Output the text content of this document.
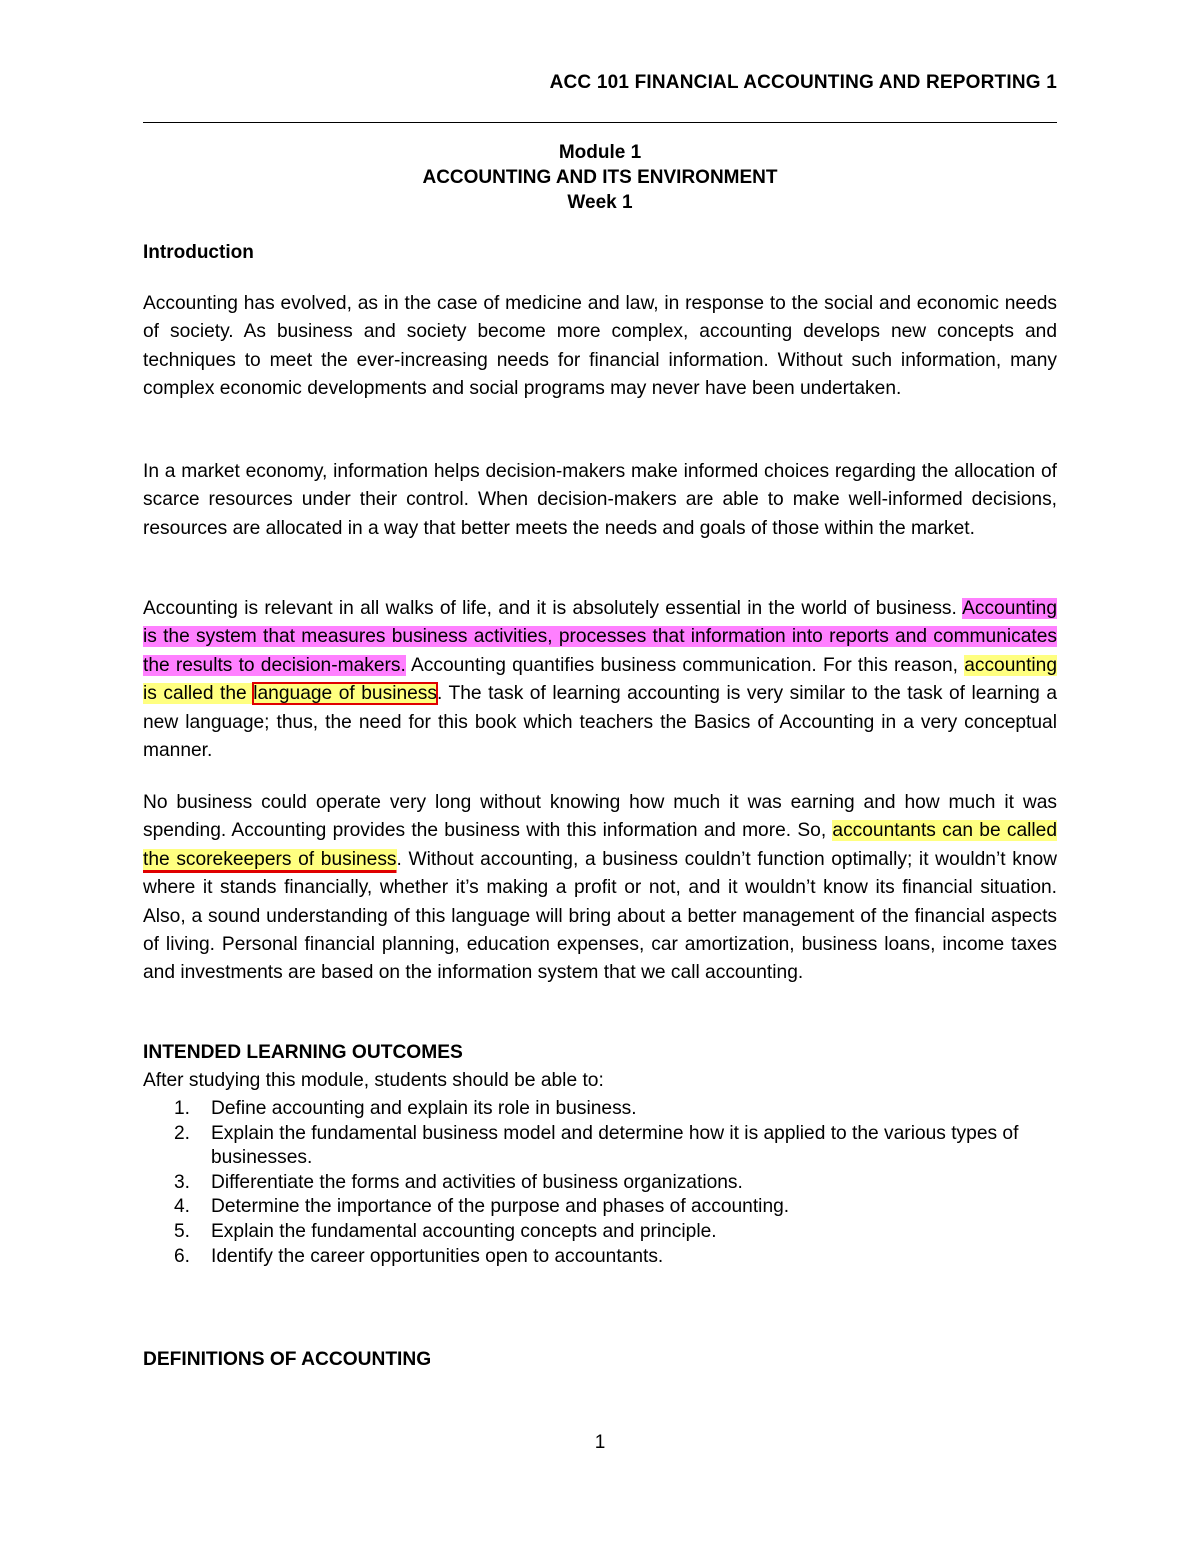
ACC 101 FINANCIAL ACCOUNTING AND REPORTING 1
Module 1
ACCOUNTING AND ITS ENVIRONMENT
Week 1
Introduction
Accounting has evolved, as in the case of medicine and law, in response to the social and economic needs of society. As business and society become more complex, accounting develops new concepts and techniques to meet the ever-increasing needs for financial information. Without such information, many complex economic developments and social programs may never have been undertaken.
In a market economy, information helps decision-makers make informed choices regarding the allocation of scarce resources under their control. When decision-makers are able to make well-informed decisions, resources are allocated in a way that better meets the needs and goals of those within the market.
Accounting is relevant in all walks of life, and it is absolutely essential in the world of business. Accounting is the system that measures business activities, processes that information into reports and communicates the results to decision-makers. Accounting quantifies business communication. For this reason, accounting is called the language of business. The task of learning accounting is very similar to the task of learning a new language; thus, the need for this book which teachers the Basics of Accounting in a very conceptual manner.
No business could operate very long without knowing how much it was earning and how much it was spending. Accounting provides the business with this information and more. So, accountants can be called the scorekeepers of business. Without accounting, a business couldn’t function optimally; it wouldn’t know where it stands financially, whether it’s making a profit or not, and it wouldn’t know its financial situation. Also, a sound understanding of this language will bring about a better management of the financial aspects of living. Personal financial planning, education expenses, car amortization, business loans, income taxes and investments are based on the information system that we call accounting.
INTENDED LEARNING OUTCOMES
After studying this module, students should be able to:
1. Define accounting and explain its role in business.
2. Explain the fundamental business model and determine how it is applied to the various types of businesses.
3. Differentiate the forms and activities of business organizations.
4. Determine the importance of the purpose and phases of accounting.
5. Explain the fundamental accounting concepts and principle.
6. Identify the career opportunities open to accountants.
DEFINITIONS OF ACCOUNTING
1
